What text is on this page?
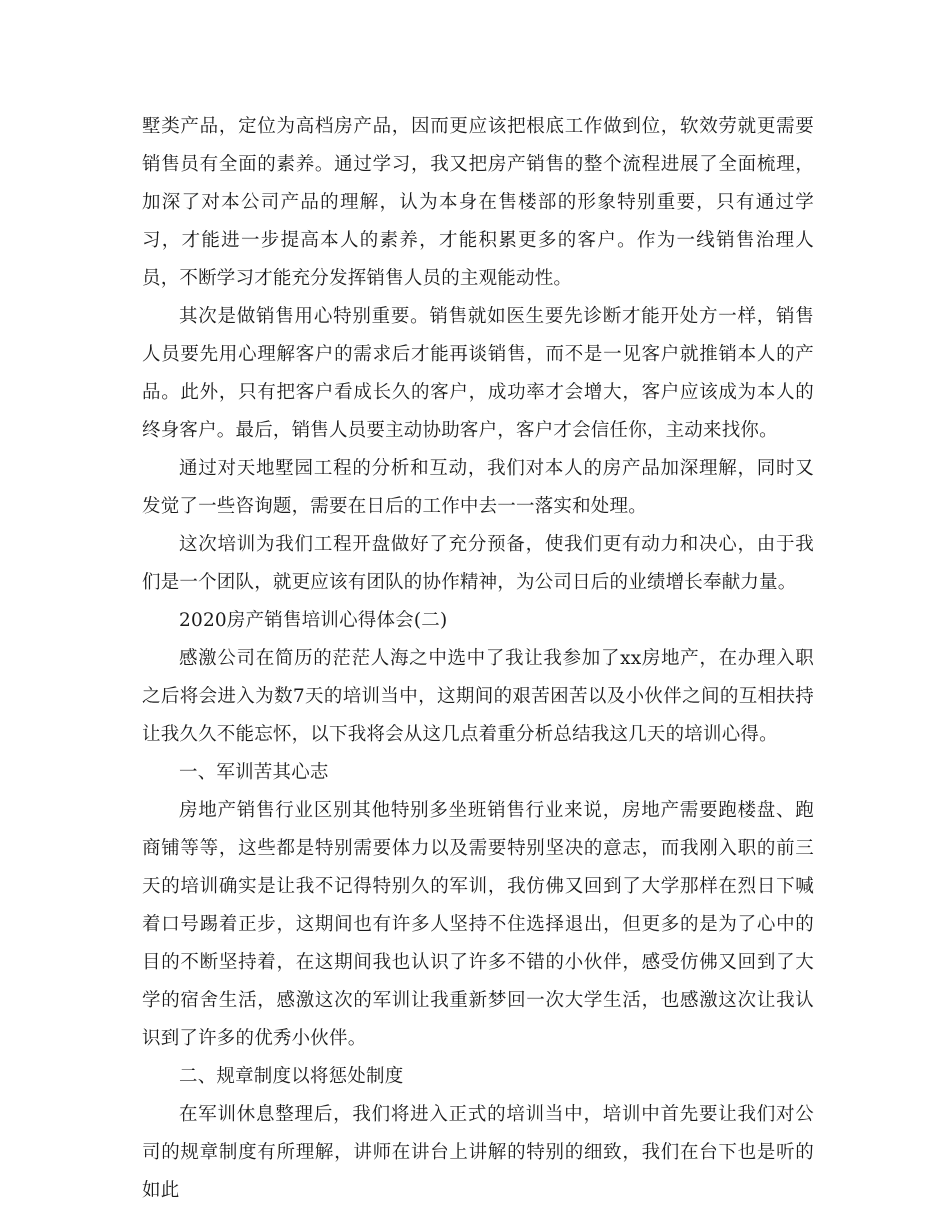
墅类产品，定位为高档房产品，因而更应该把根底工作做到位，软效劳就更需要销售员有全面的素养。通过学习，我又把房产销售的整个流程进展了全面梳理，加深了对本公司产品的理解，认为本身在售楼部的形象特别重要，只有通过学习，才能进一步提高本人的素养，才能积累更多的客户。作为一线销售治理人员，不断学习才能充分发挥销售人员的主观能动性。

其次是做销售用心特别重要。销售就如医生要先诊断才能开处方一样，销售人员要先用心理解客户的需求后才能再谈销售，而不是一见客户就推销本人的产品。此外，只有把客户看成长久的客户，成功率才会增大，客户应该成为本人的终身客户。最后，销售人员要主动协助客户，客户才会信任你，主动来找你。

通过对天地墅园工程的分析和互动，我们对本人的房产品加深理解，同时又发觉了一些咨询题，需要在日后的工作中去一一落实和处理。

这次培训为我们工程开盘做好了充分预备，使我们更有动力和决心，由于我们是一个团队，就更应该有团队的协作精神，为公司日后的业绩增长奉献力量。

2020房产销售培训心得体会(二)

感激公司在简历的茫茫人海之中选中了我让我参加了xx房地产，在办理入职之后将会进入为数7天的培训当中，这期间的艰苦困苦以及小伙伴之间的互相扶持让我久久不能忘怀，以下我将会从这几点着重分析总结我这几天的培训心得。

一、军训苦其心志

房地产销售行业区别其他特别多坐班销售行业来说，房地产需要跑楼盘、跑商铺等等，这些都是特别需要体力以及需要特别坚决的意志，而我刚入职的前三天的培训确实是让我不记得特别久的军训，我仿佛又回到了大学那样在烈日下喊着口号踢着正步，这期间也有许多人坚持不住选择退出，但更多的是为了心中的目的不断坚持着，在这期间我也认识了许多不错的小伙伴，感受仿佛又回到了大学的宿舍生活，感激这次的军训让我重新梦回一次大学生活，也感激这次让我认识到了许多的优秀小伙伴。

二、规章制度以将惩处制度

在军训休息整理后，我们将进入正式的培训当中，培训中首先要让我们对公司的规章制度有所理解，讲师在讲台上讲解的特别的细致，我们在台下也是听的如此
